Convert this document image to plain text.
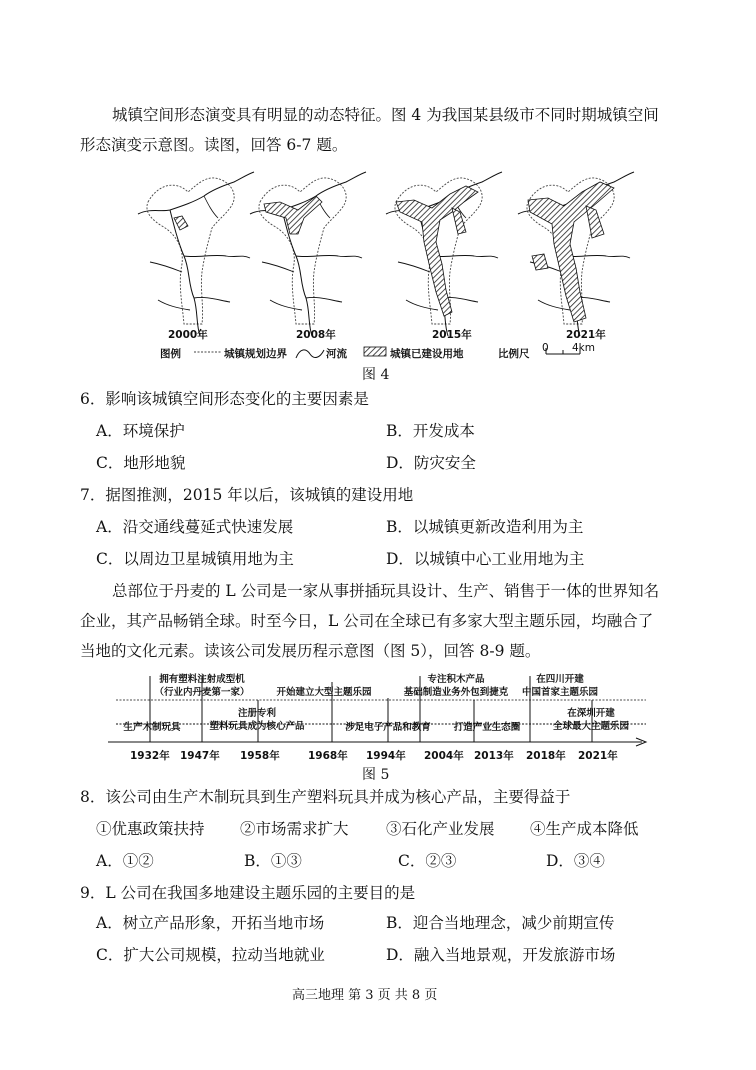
城镇空间形态演变具有明显的动态特征。图 4 为我国某县级市不同时期城镇空间
形态演变示意图。读图，回答 6-7 题。
2000年	2008年	2015年	2021年
图例	城镇规划边界	河流	城镇已建设用地	比例尺 0 4km
图 4
6．影响该城镇空间形态变化的主要因素是
A．环境保护	B．开发成本
C．地形地貌	D．防灾安全
7．据图推测，2015 年以后，该城镇的建设用地
A．沿交通线蔓延式快速发展	B．以城镇更新改造利用为主
C．以周边卫星城镇用地为主	D．以城镇中心工业用地为主
总部位于丹麦的 L 公司是一家从事拼插玩具设计、生产、销售于一体的世界知名
企业，其产品畅销全球。时至今日，L 公司在全球已有多家大型主题乐园，均融合了
当地的文化元素。读该公司发展历程示意图（图 5），回答 8-9 题。
拥有塑料注射成型机
（行业内丹麦第一家）	开始建立大型主题乐园
专注积木产品
基础制造业务外包到捷克
在四川开建
中国首家主题乐园
生产木制玩具
注册专利
塑料玩具成为核心产品	涉足电子产品和教育	打造产业生态圈
在深圳开建
全球最大主题乐园
1932年 1947年 1958年	1968年 1994年 2004年 2013年 2018年 2021年
图 5
8．该公司由生产木制玩具到生产塑料玩具并成为核心产品，主要得益于
①优惠政策扶持 ②市场需求扩大 ③石化产业发展 ④生产成本降低
A．①②	B．①③	C．②③	D．③④
9．L 公司在我国多地建设主题乐园的主要目的是
A．树立产品形象，开拓当地市场	B．迎合当地理念，减少前期宣传
C．扩大公司规模，拉动当地就业	D．融入当地景观，开发旅游市场
高三地理 第 3 页 共 8 页
